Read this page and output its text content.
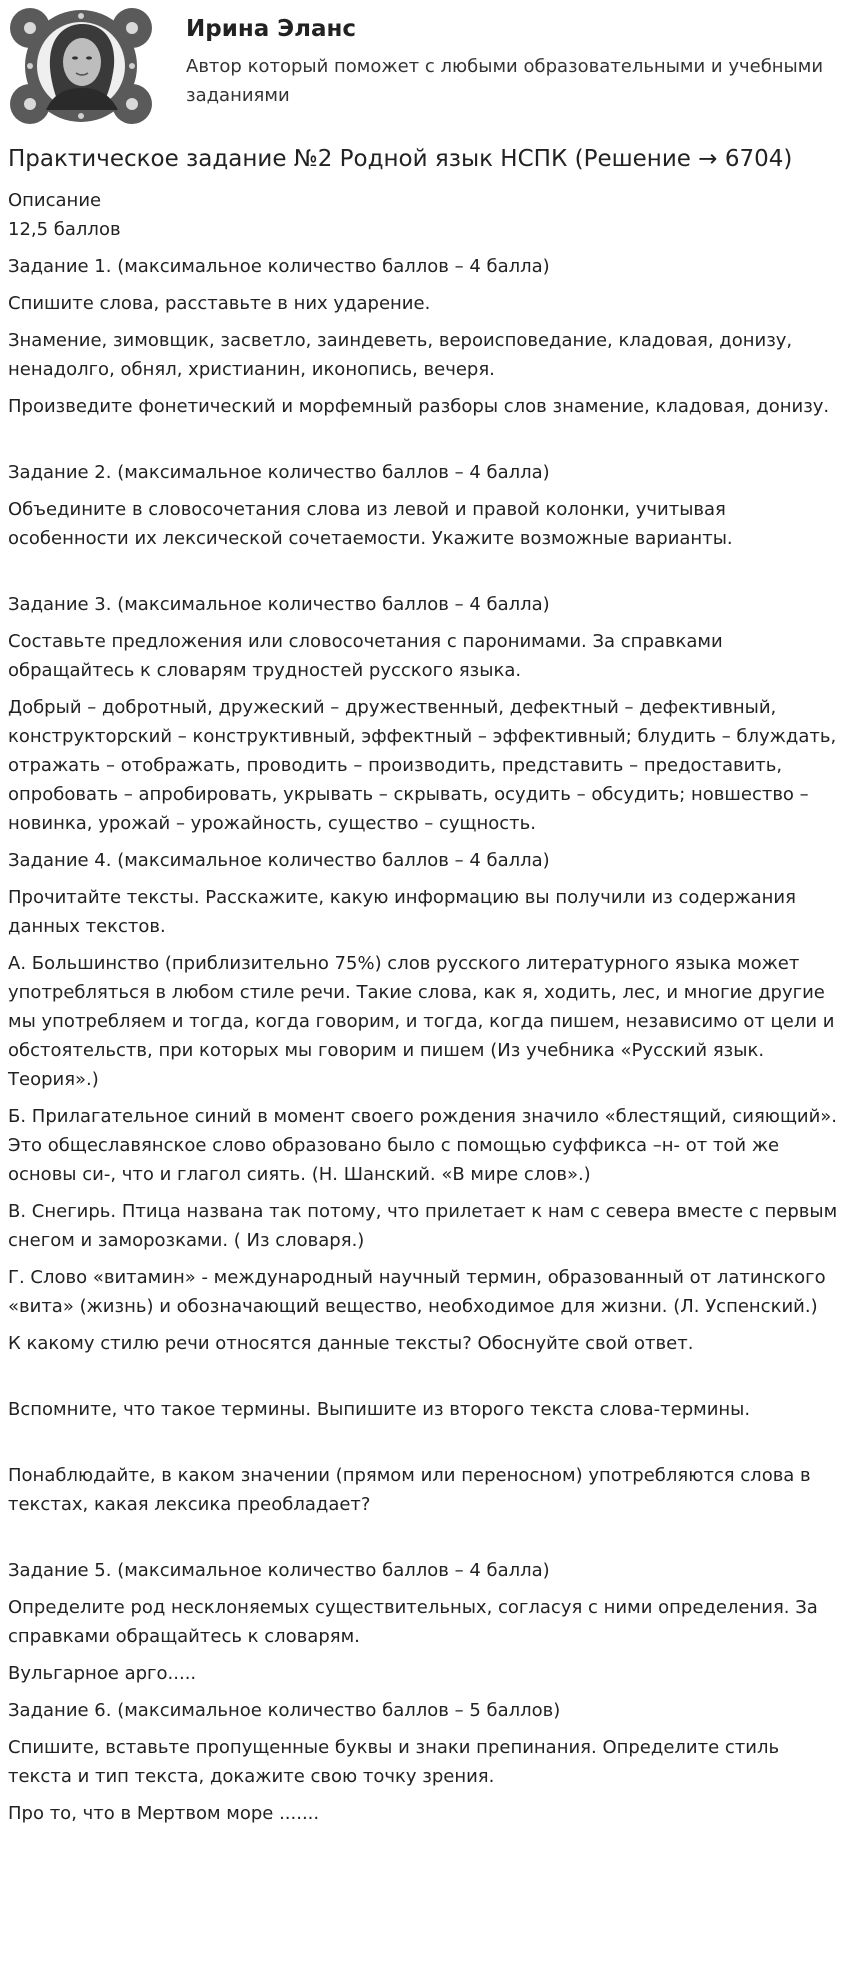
Ирина Эланс
Автор который поможет с любыми образовательными и учебными заданиями
Практическое задание №2 Родной язык НСПК (Решение → 6704)

Описание

12,5 баллов

Задание 1. (максимальное количество баллов – 4 балла)

Спишите слова, расставьте в них ударение.

Знамение, зимовщик, засветло, заиндеветь, вероисповедание, кладовая, донизу, ненадолго, обнял, христианин, иконопись, вечеря.

Произведите фонетический и морфемный разборы слов знамение, кладовая, донизу.

Задание 2. (максимальное количество баллов – 4 балла)

Объедините в словосочетания слова из левой и правой колонки, учитывая особенности их лексической сочетаемости. Укажите возможные варианты.

Задание 3. (максимальное количество баллов – 4 балла)

Составьте предложения или словосочетания с паронимами. За справками обращайтесь к словарям трудностей русского языка.

Добрый – добротный, дружеский – дружественный, дефектный – дефективный, конструкторский – конструктивный, эффектный – эффективный; блудить – блуждать, отражать – отображать, проводить – производить, представить – предоставить, опробовать – апробировать, укрывать – скрывать, осудить – обсудить; новшество – новинка, урожай – урожайность, существо – сущность.

Задание 4. (максимальное количество баллов – 4 балла)

Прочитайте тексты. Расскажите, какую информацию вы получили из содержания данных текстов.

А. Большинство (приблизительно 75%) слов русского литературного языка может употребляться в любом стиле речи. Такие слова, как я, ходить, лес, и многие другие мы употребляем и тогда, когда говорим, и тогда, когда пишем, независимо от цели и обстоятельств, при которых мы говорим и пишем (Из учебника «Русский язык. Теория».)

Б. Прилагательное синий в момент своего рождения значило «блестящий, сияющий». Это общеславянское слово образовано было с помощью суффикса –н- от той же основы си-, что и глагол сиять. (Н. Шанский. «В мире слов».)

В. Снегирь. Птица названа так потому, что прилетает к нам с севера вместе с первым снегом и заморозками. ( Из словаря.)

Г. Слово «витамин» - международный научный термин, образованный от латинского «вита» (жизнь) и обозначающий вещество, необходимое для жизни. (Л. Успенский.)

К какому стилю речи относятся данные тексты? Обоснуйте свой ответ.

Вспомните, что такое термины. Выпишите из второго текста слова-термины.

Понаблюдайте, в каком значении (прямом или переносном) употребляются слова в текстах, какая лексика преобладает?

Задание 5. (максимальное количество баллов – 4 балла)

Определите род несклоняемых существительных, согласуя с ними определения. За справками обращайтесь к словарям.

Вульгарное арго.....

Задание 6. (максимальное количество баллов – 5 баллов)

Спишите, вставьте пропущенные буквы и знаки препинания. Определите стиль текста и тип текста, докажите свою точку зрения.

Про то, что в Мертвом море .......
